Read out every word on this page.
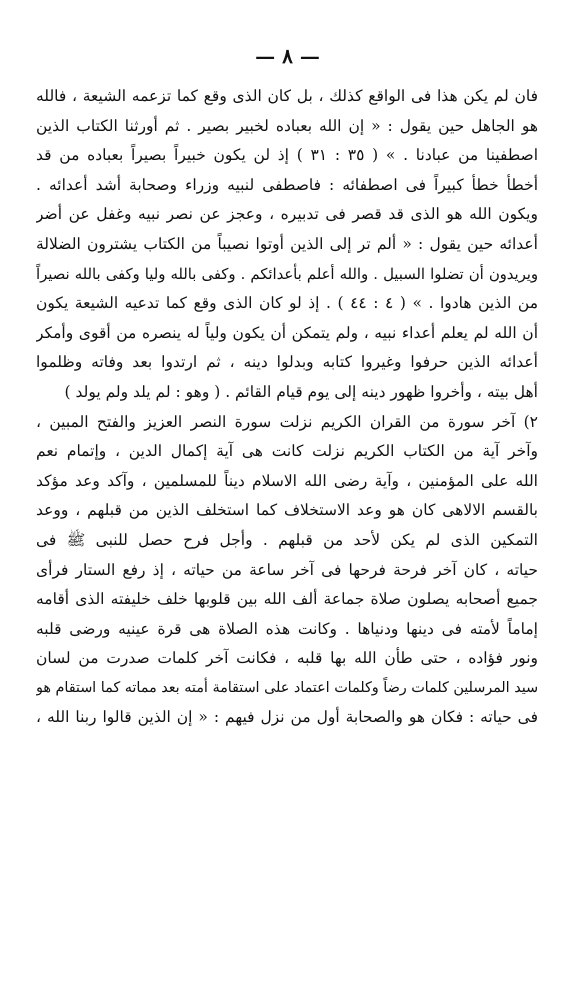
— ٨ —
فان لم يكن هذا فى الواقع كذلك ، بل كان الذى وقع كما تزعمه الشيعة ، فالله
هو الجاهل حين يقول : « إن الله بعباده لخبير بصير . ثم أورثنا الكتاب الذين
اصطفينا من عبادنا . » ( ٣٥ : ٣١ ) إذ لن يكون خبيراً بصيراً بعباده من قد
أخطأ خطأ كبيراً فى اصطفائه : فاصطفى لنبيه وزراء وصحابة أشد أعدائه .
ويكون الله هو الذى قد قصر فى تدبيره ، وعجز عن نصر نبيه وغفل عن أضر
أعدائه حين يقول : « ألم تر إلى الذين أوتوا نصيباً من الكتاب يشترون الضلالة
ويريدون أن تضلوا السبيل . والله أعلم بأعدائكم . وكفى بالله وليا وكفى بالله نصيراً
من الذين هادوا . » ( ٤ : ٤٤ ) . إذ لو كان الذى وقع كما تدعيه الشيعة يكون
أن الله لم يعلم أعداء نبيه ، ولم يتمكن أن يكون ولياً له ينصره من أقوى وأمكر
أعدائه الذين حرفوا وغيروا كتابه وبدلوا دينه ، ثم ارتدوا بعد وفاته وظلموا
أهل بيته ، وأخروا ظهور دينه إلى يوم قيام القائم . ( وهو : لم يلد ولم يولد )
٢) آخر سورة من القران الكريم نزلت سورة النصر العزيز والفتح المبين ،
وآخر آية من الكتاب الكريم نزلت كانت هى آية إكمال الدين ، وإتمام نعم
الله على المؤمنين ، وآية رضى الله الاسلام ديناً للمسلمين ، وآكد وعد مؤكد
بالقسم الالاهى كان هو وعد الاستخلاف كما استخلف الذين من قبلهم ، ووعد
التمكين الذى لم يكن لأحد من قبلهم . وأجل فرح حصل للنبى ﷺ فى
حياته ، كان آخر فرحة فرحها فى آخر ساعة من حياته ، إذ رفع الستار فرأى
جميع أصحابه يصلون صلاة جماعة ألف الله بين قلوبها خلف خليفته الذى أقامه
إماماً لأمته فى دينها ودنياها . وكانت هذه الصلاة هى قرة عينيه ورضى قلبه
ونور فؤاده ، حتى طأن الله بها قلبه ، فكانت آخر كلمات صدرت من لسان
سيد المرسلين كلمات رضاً وكلمات اعتماد على استقامة أمته بعد مماته كما استقام هو
فى حياته : فكان هو والصحابة أول من نزل فيهم : « إن الذين قالوا ربنا الله ،
